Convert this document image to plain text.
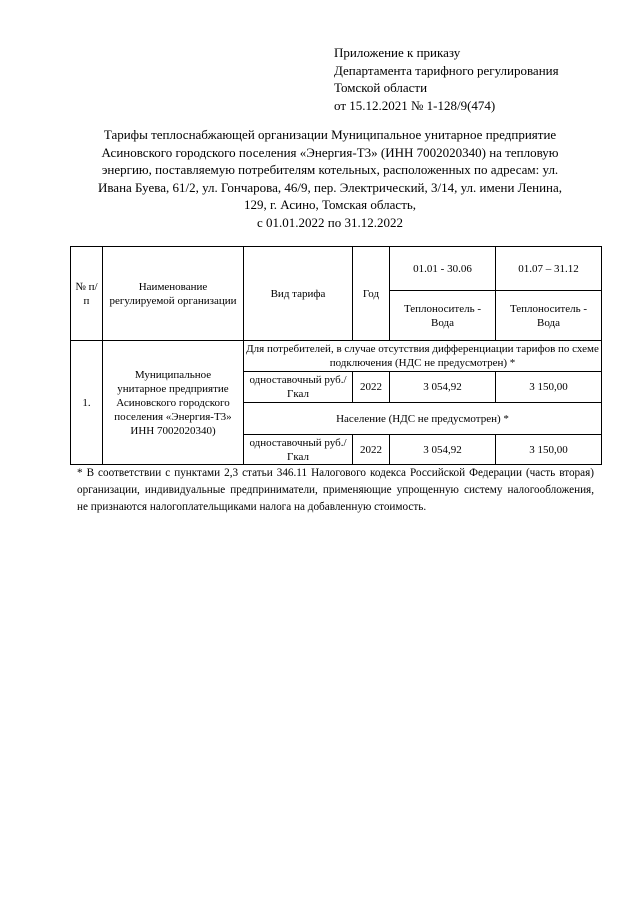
Приложение к приказу
Департамента тарифного регулирования
Томской области
от 15.12.2021 № 1-128/9(474)
Тарифы теплоснабжающей организации Муниципальное унитарное предприятие
Асиновского городского поселения «Энергия-Т3» (ИНН 7002020340) на тепловую
энергию, поставляемую потребителям котельных, расположенных по адресам: ул.
Ивана Буева, 61/2, ул. Гончарова, 46/9, пер. Электрический, 3/14, ул. имени Ленина,
129, г. Асино, Томская область,
с 01.01.2022 по 31.12.2022
№ п/п	Наименование регулируемой организации	Вид тарифа	Год	01.01 - 30.06	01.07 – 31.12
				Теплоноситель - Вода	Теплоноситель - Вода
1.	Муниципальное унитарное предприятие Асиновского городского поселения «Энергия-Т3» ИНН 7002020340)	Для потребителей, в случае отсутствия дифференциации тарифов по схеме подключения (НДС не предусмотрен) *			
		одноставочный руб./Гкал	2022	3 054,92	3 150,00
		Население (НДС не предусмотрен) *			
		одноставочный руб./Гкал	2022	3 054,92	3 150,00
* В соответствии с пунктами 2,3 статьи 346.11 Налогового кодекса Российской Федерации (часть вторая) организации, индивидуальные предприниматели, применяющие упрощенную систему налогообложения, не признаются налогоплательщиками налога на добавленную стоимость.
